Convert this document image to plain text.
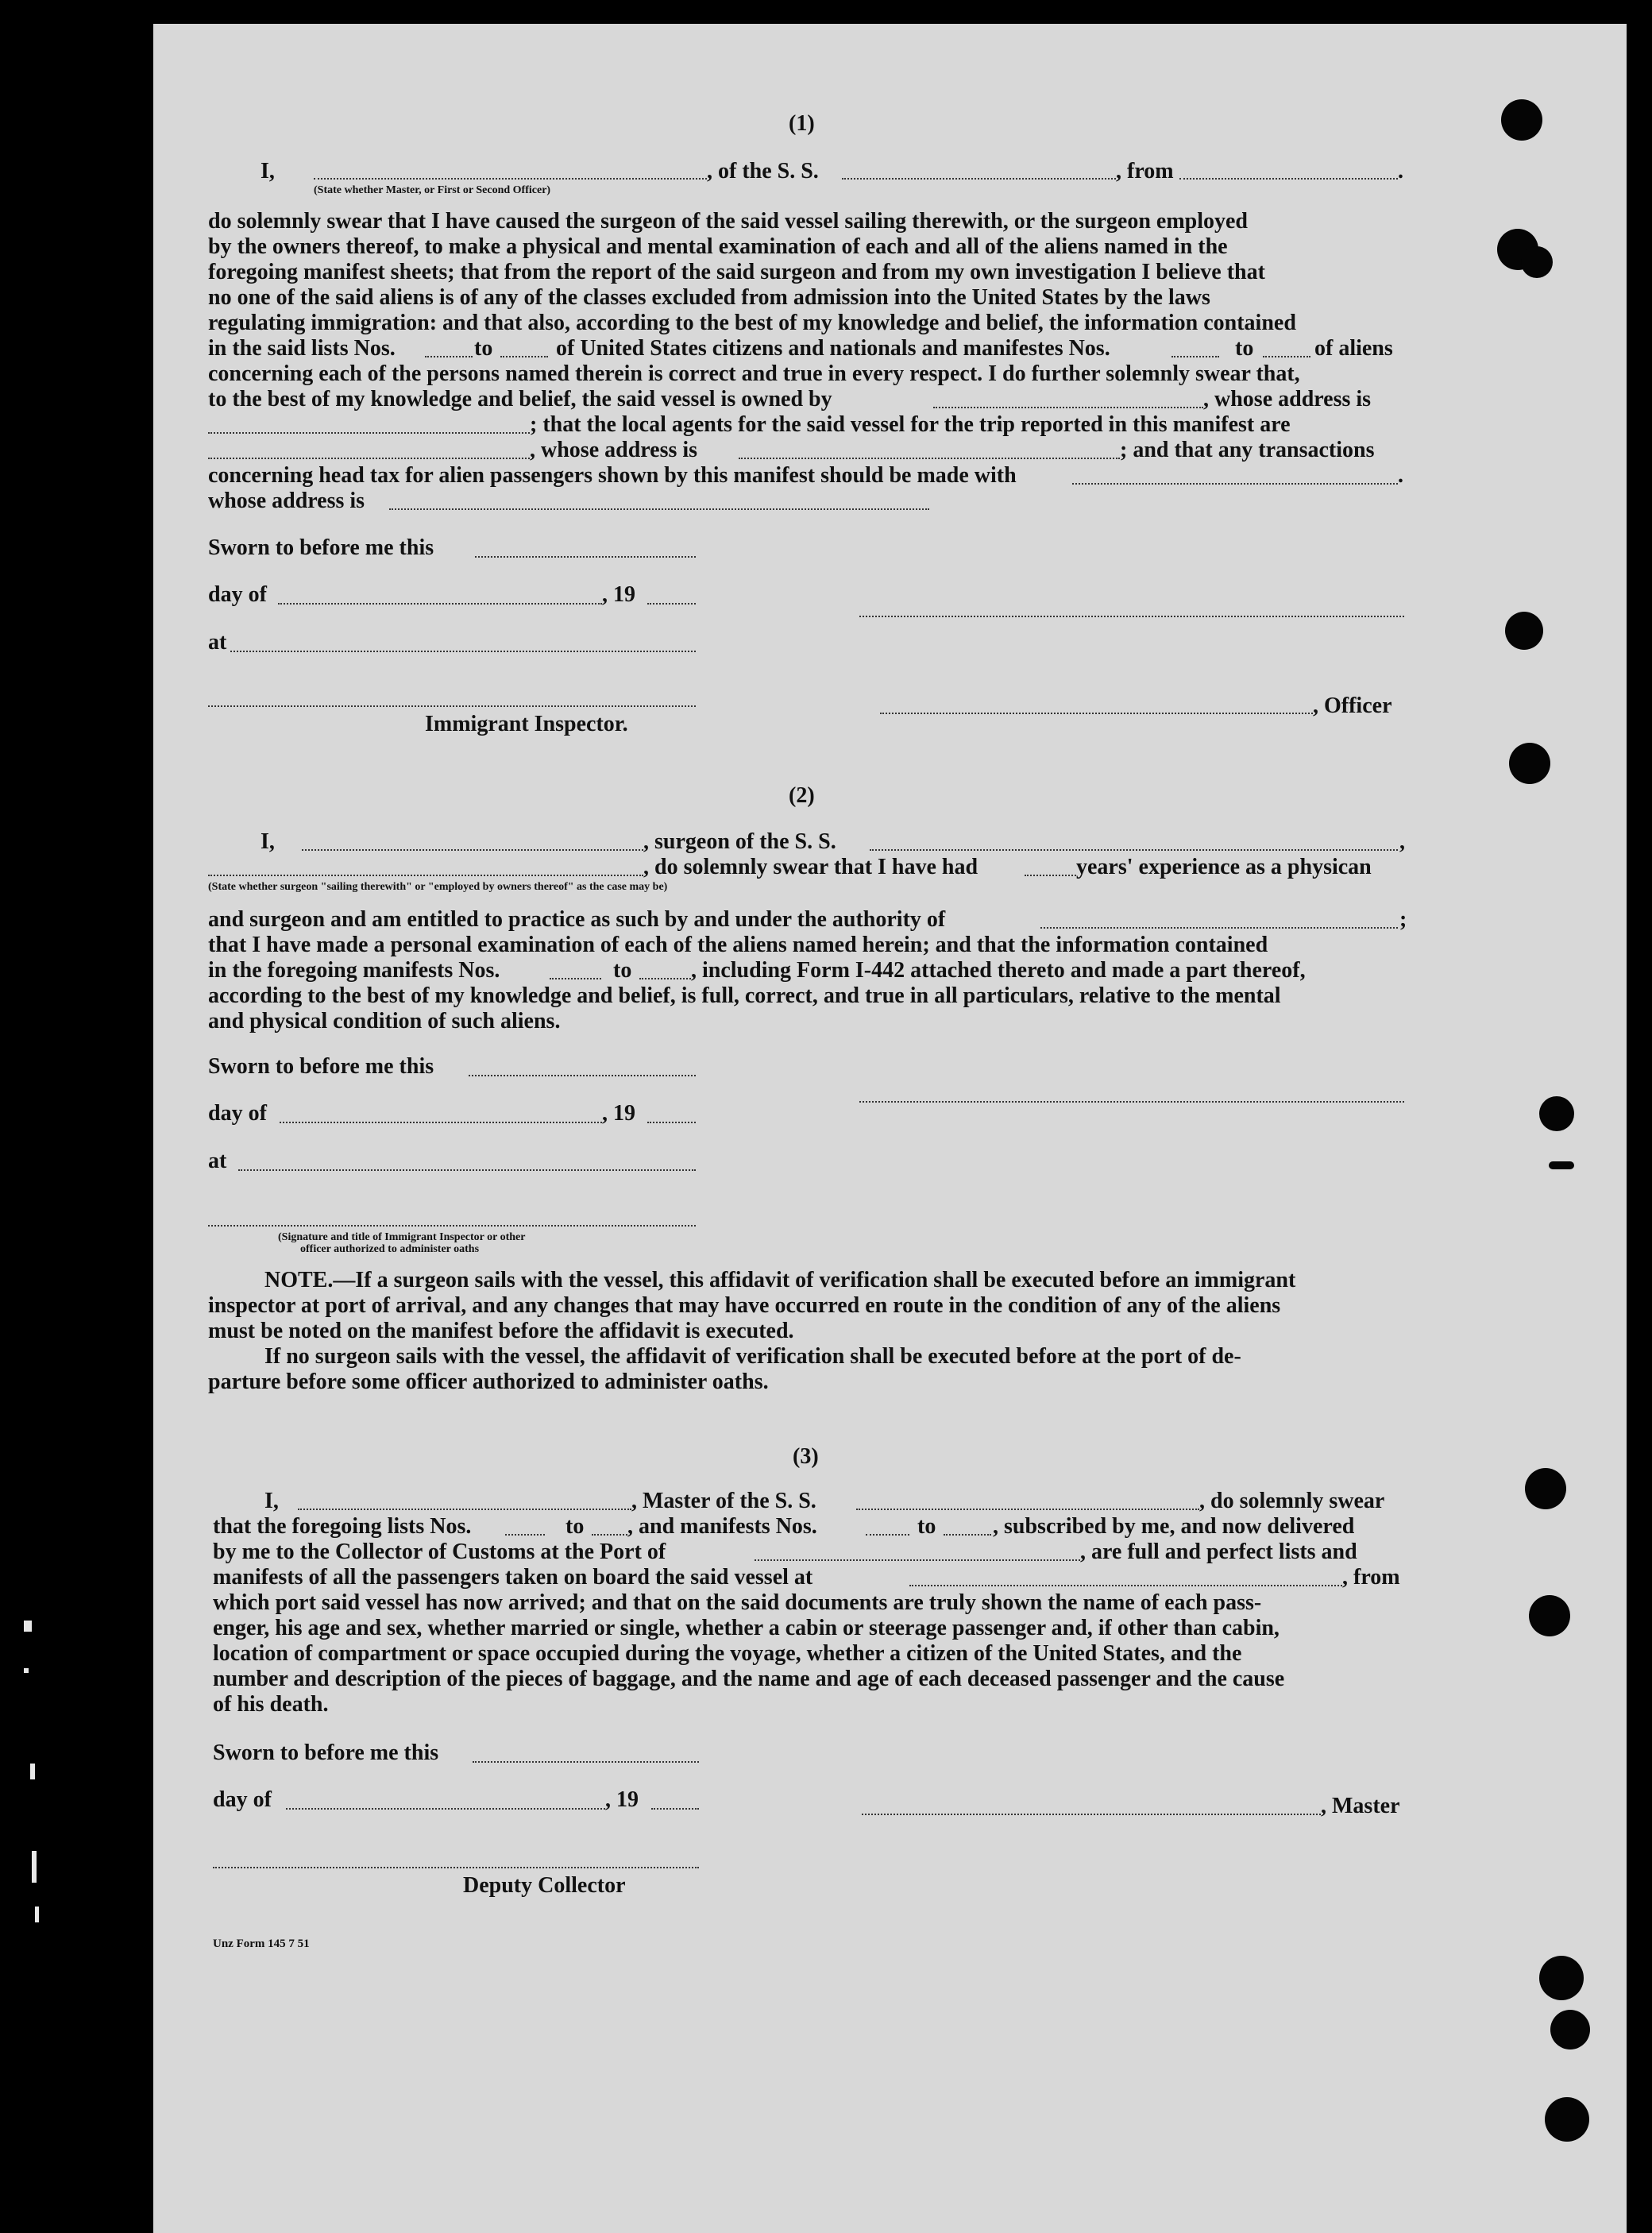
(1)
I,	, of the S. S.	, from	.
(State whether Master, or First or Second Officer)
do solemnly swear that I have caused the surgeon of the said vessel sailing therewith, or the surgeon employed
by the owners thereof, to make a physical and mental examination of each and all of the aliens named in the
foregoing manifest sheets; that from the report of the said surgeon and from my own investigation I believe that
no one of the said aliens is of any of the classes excluded from admission into the United States by the laws
regulating immigration: and that also, according to the best of my knowledge and belief, the information contained
in the said lists Nos.	to	of United States citizens and nationals and manifestes Nos.	to	of aliens
concerning each of the persons named therein is correct and true in every respect. I do further solemnly swear that,
to the best of my knowledge and belief, the said vessel is owned by	, whose address is
; that the local agents for the said vessel for the trip reported in this manifest are
, whose address is	; and that any transactions
concerning head tax for alien passengers shown by this manifest should be made with	.
whose address is
Sworn to before me this
day of	, 19
at
Immigrant Inspector.
, Officer
(2)
I,	, surgeon of the S. S.	,
, do solemnly swear that I have had	years' experience as a physican
(State whether surgeon "sailing therewith" or "employed by owners thereof" as the case may be)
and surgeon and am entitled to practice as such by and under the authority of	;
that I have made a personal examination of each of the aliens named herein; and that the information contained
in the foregoing manifests Nos.	to	, including Form I-442 attached thereto and made a part thereof,
according to the best of my knowledge and belief, is full, correct, and true in all particulars, relative to the mental
and physical condition of such aliens.
Sworn to before me this
day of	, 19
at
(Signature and title of Immigrant Inspector or other
officer authorized to administer oaths
NOTE.—If a surgeon sails with the vessel, this affidavit of verification shall be executed before an immigrant
inspector at port of arrival, and any changes that may have occurred en route in the condition of any of the aliens
must be noted on the manifest before the affidavit is executed.
If no surgeon sails with the vessel, the affidavit of verification shall be executed before at the port of de-
parture before some officer authorized to administer oaths.
(3)
I,	, Master of the S. S.	, do solemnly swear
that the foregoing lists Nos.	to , and manifests Nos.	to	, subscribed by me, and now delivered
by me to the Collector of Customs at the Port of	, are full and perfect lists and
manifests of all the passengers taken on board the said vessel at	, from
which port said vessel has now arrived; and that on the said documents are truly shown the name of each pass-
enger, his age and sex, whether married or single, whether a cabin or steerage passenger and, if other than cabin,
location of compartment or space occupied during the voyage, whether a citizen of the United States, and the
number and description of the pieces of baggage, and the name and age of each deceased passenger and the cause
of his death.
Sworn to before me this
day of	, 19	, Master
Deputy Collector
Unz Form 145 7 51
